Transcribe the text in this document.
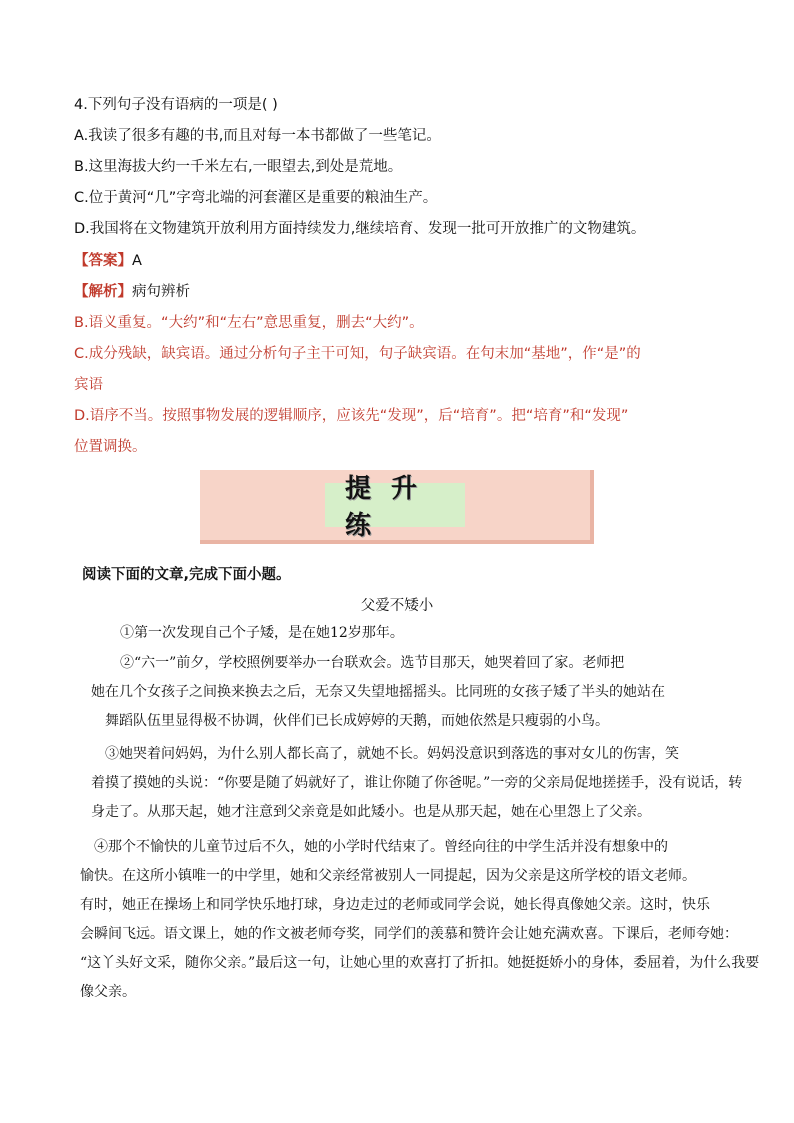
4.下列句子没有语病的一项是( )
A.我读了很多有趣的书,而且对每一本书都做了一些笔记。
B.这里海拔大约一千米左右,一眼望去,到处是荒地。
C.位于黄河“几”字弯北端的河套灌区是重要的粮油生产。
D.我国将在文物建筑开放利用方面持续发力,继续培育、发现一批可开放推广的文物建筑。
【答案】A
【解析】病句辨析
B.语义重复。“大约”和“左右”意思重复，删去“大约”。
C.成分残缺，缺宾语。通过分析句子主干可知，句子缺宾语。在句末加“基地”，作“是”的
宾语
D.语序不当。按照事物发展的逻辑顺序，应该先“发现”，后“培育”。把“培育”和“发现”
位置调换。
提升练
阅读下面的文章,完成下面小题。
父爱不矮小
①第一次发现自己个子矮，是在她12岁那年。
②“六一”前夕，学校照例要举办一台联欢会。选节目那天，她哭着回了家。老师把
她在几个女孩子之间换来换去之后，无奈又失望地摇摇头。比同班的女孩子矮了半头的她站在
舞蹈队伍里显得极不协调，伙伴们已长成婷婷的天鹅，而她依然是只瘦弱的小鸟。
③她哭着问妈妈，为什么别人都长高了，就她不长。妈妈没意识到落选的事对女儿的伤害，笑
着摸了摸她的头说：“你要是随了妈就好了，谁让你随了你爸呢。”一旁的父亲局促地搓搓手，没有说话，转
身走了。从那天起，她才注意到父亲竟是如此矮小。也是从那天起，她在心里怨上了父亲。
④那个不愉快的儿童节过后不久，她的小学时代结束了。曾经向往的中学生活并没有想象中的
愉快。在这所小镇唯一的中学里，她和父亲经常被别人一同提起，因为父亲是这所学校的语文老师。
有时，她正在操场上和同学快乐地打球，身边走过的老师或同学会说，她长得真像她父亲。这时，快乐
会瞬间飞远。语文课上，她的作文被老师夸奖，同学们的羡慕和赞许会让她充满欢喜。下课后，老师夸她：
“这丫头好文采，随你父亲。”最后这一句，让她心里的欢喜打了折扣。她挺挺娇小的身体，委屈着，为什么我要
像父亲。
